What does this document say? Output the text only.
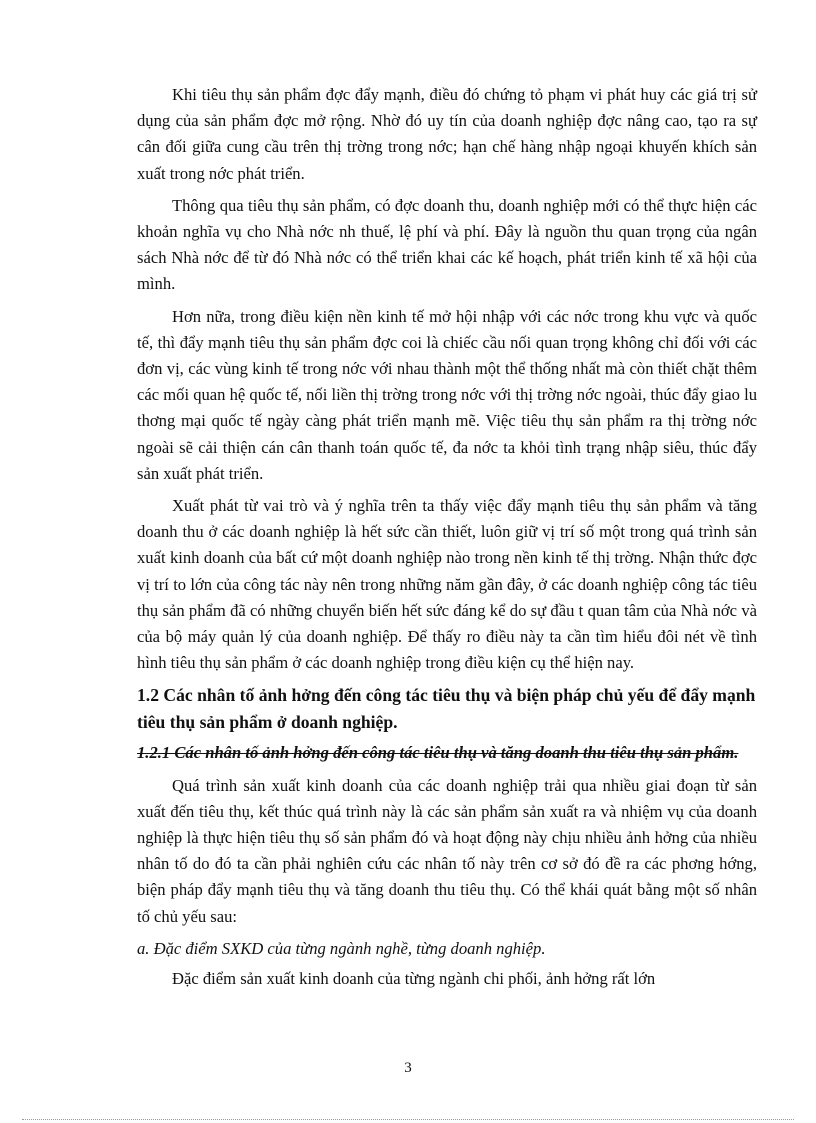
Khi tiêu thụ sản phẩm đợc đẩy mạnh, điều đó chứng tỏ phạm vi phát huy các giá trị sử dụng của sản phẩm đợc mở rộng. Nhờ đó uy tín của doanh nghiệp đợc nâng cao, tạo ra sự cân đối giữa cung cầu trên thị trờng trong nớc; hạn chế hàng nhập ngoại khuyến khích sản xuất trong nớc phát triển.

Thông qua tiêu thụ sản phẩm, có đợc doanh thu, doanh nghiệp mới có thể thực hiện các khoản nghĩa vụ cho Nhà nớc nh thuế, lệ phí và phí. Đây là nguồn thu quan trọng của ngân sách Nhà nớc để từ đó Nhà nớc có thể triển khai các kế hoạch, phát triển kinh tế xã hội của mình.

Hơn nữa, trong điều kiện nền kinh tế mở hội nhập với các nớc trong khu vực và quốc tế, thì đẩy mạnh tiêu thụ sản phẩm đợc coi là chiếc cầu nối quan trọng không chỉ đối với các đơn vị, các vùng kinh tế trong nớc với nhau thành một thể thống nhất mà còn thiết chặt thêm các mối quan hệ quốc tế, nối liền thị trờng trong nớc với thị trờng nớc ngoài, thúc đẩy giao lu thơng mại quốc tế ngày càng phát triển mạnh mẽ. Việc tiêu thụ sản phẩm ra thị trờng nớc ngoài sẽ cải thiện cán cân thanh toán quốc tế, đa nớc ta khỏi tình trạng nhập siêu, thúc đẩy sản xuất phát triển.

Xuất phát từ vai trò và ý nghĩa trên ta thấy việc đẩy mạnh tiêu thụ sản phẩm và tăng doanh thu ở các doanh nghiệp là hết sức cần thiết, luôn giữ vị trí số một trong quá trình sản xuất kinh doanh của bất cứ một doanh nghiệp nào trong nền kinh tế thị trờng. Nhận thức đợc vị trí to lớn của công tác này nên trong những năm gần đây, ở các doanh nghiệp công tác tiêu thụ sản phẩm đã có những chuyển biến hết sức đáng kể do sự đầu t quan tâm của Nhà nớc và của bộ máy quản lý của doanh nghiệp. Để thấy ro điều này ta cần tìm hiểu đôi nét về tình hình tiêu thụ sản phẩm ở các doanh nghiệp trong điều kiện cụ thể hiện nay.

1.2 Các nhân tố ảnh hởng đến công tác tiêu thụ và biện pháp chủ yếu để đẩy mạnh tiêu thụ sản phẩm ở doanh nghiệp.
1.2.1 Các nhân tố ảnh hởng đến công tác tiêu thụ và tăng doanh thu tiêu thụ sản phẩm.

Quá trình sản xuất kinh doanh của các doanh nghiệp trải qua nhiều giai đoạn từ sản xuất đến tiêu thụ, kết thúc quá trình này là các sản phẩm sản xuất ra và nhiệm vụ của doanh nghiệp là thực hiện tiêu thụ số sản phẩm đó và hoạt động này chịu nhiều ảnh hởng của nhiều nhân tố do đó ta cần phải nghiên cứu các nhân tố này trên cơ sở đó đề ra các phơng hớng, biện pháp đẩy mạnh tiêu thụ và tăng doanh thu tiêu thụ. Có thể khái quát bằng một số nhân tố chủ yếu sau:

a. Đặc điểm SXKD của từng ngành nghề, từng doanh nghiệp.

Đặc điểm sản xuất kinh doanh của từng ngành chi phối, ảnh hởng rất lớn

3
